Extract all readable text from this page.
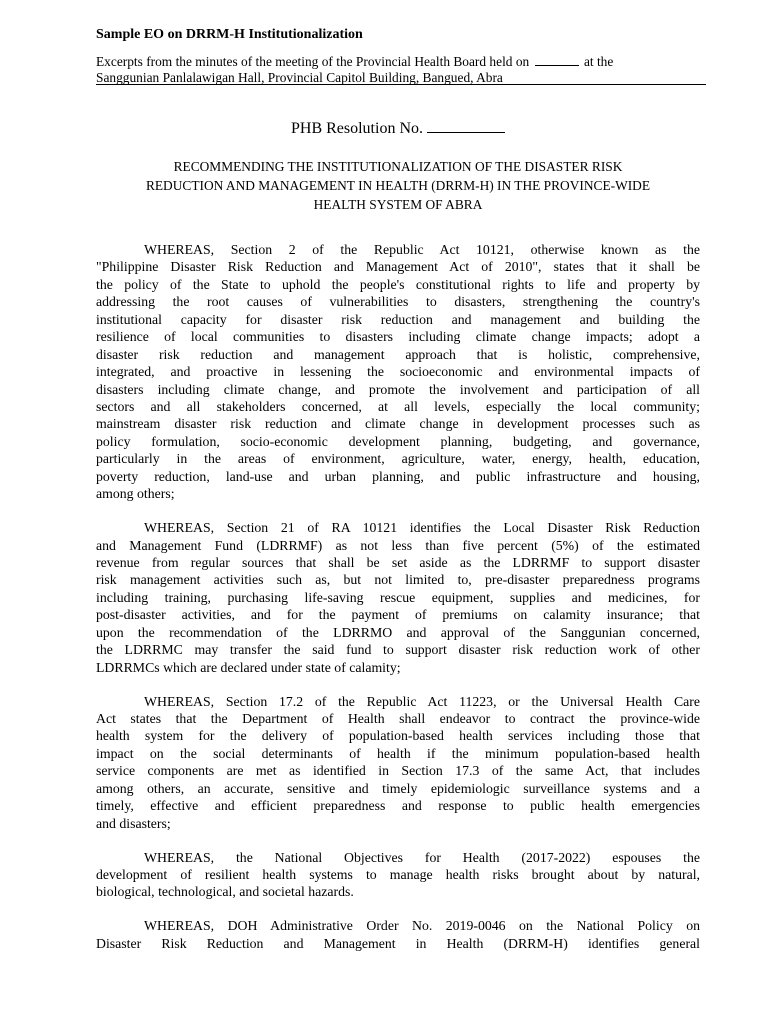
Sample EO on DRRM-H Institutionalization
Excerpts from the minutes of the meeting of the Provincial Health Board held on	at the
Sanggunian Panlalawigan Hall, Provincial Capitol Building, Bangued, Abra
PHB Resolution No.
RECOMMENDING THE INSTITUTIONALIZATION OF THE DISASTER RISK
REDUCTION AND MANAGEMENT IN HEALTH (DRRM-H) IN THE PROVINCE-WIDE
HEALTH SYSTEM OF ABRA
WHEREAS, Section 2 of the Republic Act 10121, otherwise known as the
"Philippine Disaster Risk Reduction and Management Act of 2010", states that it shall be
the policy of the State to uphold the people's constitutional rights to life and property by
addressing the root causes of vulnerabilities to disasters, strengthening the country's
institutional capacity for disaster risk reduction and management and building the
resilience of local communities to disasters including climate change impacts; adopt a
disaster risk reduction and management approach that is holistic, comprehensive,
integrated, and proactive in lessening the socioeconomic and environmental impacts of
disasters including climate change, and promote the involvement and participation of all
sectors and all stakeholders concerned, at all levels, especially the local community;
mainstream disaster risk reduction and climate change in development processes such as
policy formulation, socio-economic development planning, budgeting, and governance,
particularly in the areas of environment, agriculture, water, energy, health, education,
poverty reduction, land-use and urban planning, and public infrastructure and housing,
among others;
WHEREAS, Section 21 of RA 10121 identifies the Local Disaster Risk Reduction
and Management Fund (LDRRMF) as not less than five percent (5%) of the estimated
revenue from regular sources that shall be set aside as the LDRRMF to support disaster
risk management activities such as, but not limited to, pre-disaster preparedness programs
including training, purchasing life-saving rescue equipment, supplies and medicines, for
post-disaster activities, and for the payment of premiums on calamity insurance; that
upon the recommendation of the LDRRMO and approval of the Sanggunian concerned,
the LDRRMC may transfer the said fund to support disaster risk reduction work of other
LDRRMCs which are declared under state of calamity;
WHEREAS, Section 17.2 of the Republic Act 11223, or the Universal Health Care
Act states that the Department of Health shall endeavor to contract the province-wide
health system for the delivery of population-based health services including those that
impact on the social determinants of health if the minimum population-based health
service components are met as identified in Section 17.3 of the same Act, that includes
among others, an accurate, sensitive and timely epidemiologic surveillance systems and a
timely, effective and efficient preparedness and response to public health emergencies
and disasters;
WHEREAS, the National Objectives for Health (2017-2022) espouses the
development of resilient health systems to manage health risks brought about by natural,
biological, technological, and societal hazards.
WHEREAS, DOH Administrative Order No. 2019-0046 on the National Policy on
Disaster Risk Reduction and Management in Health (DRRM-H) identifies general
